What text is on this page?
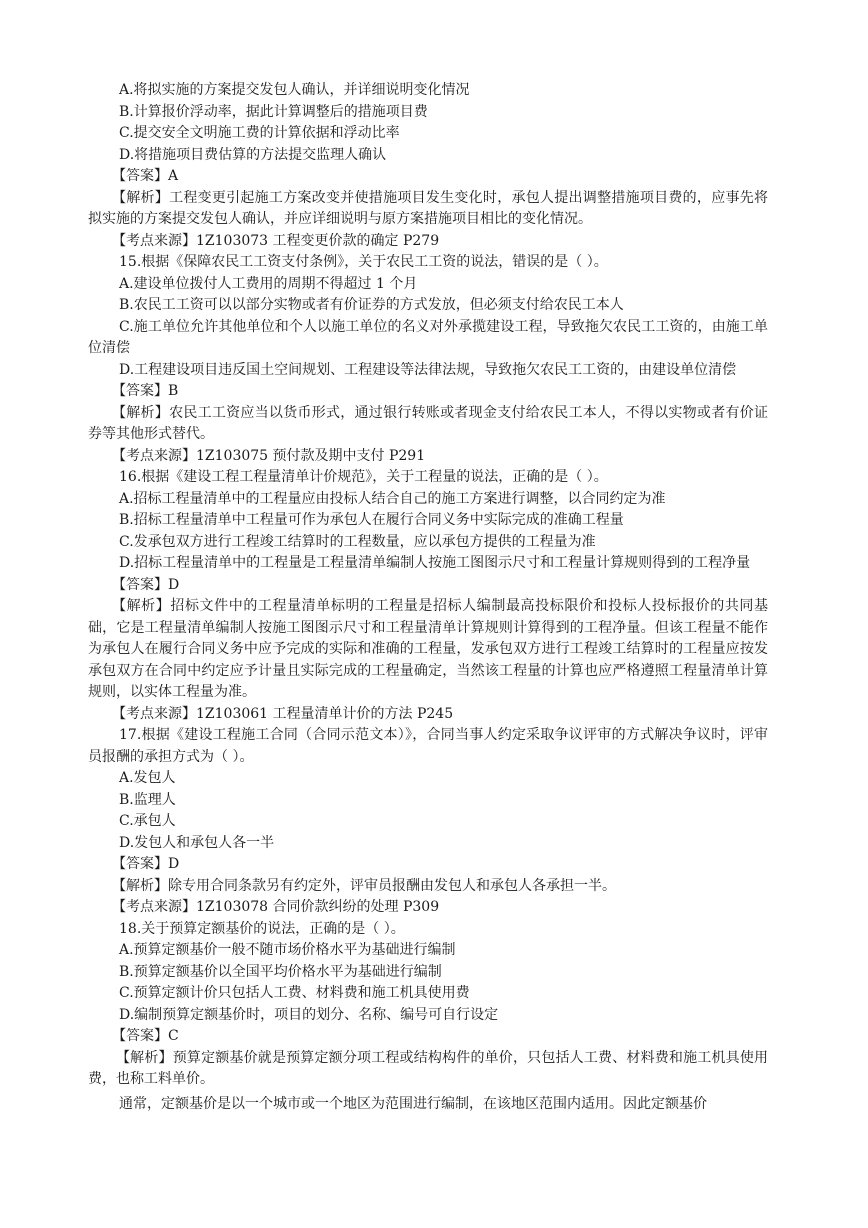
A.将拟实施的方案提交发包人确认，并详细说明变化情况
B.计算报价浮动率，据此计算调整后的措施项目费
C.提交安全文明施工费的计算依据和浮动比率
D.将措施项目费估算的方法提交监理人确认
【答案】A
【解析】工程变更引起施工方案改变并使措施项目发生变化时，承包人提出调整措施项目费的，应事先将拟实施的方案提交发包人确认，并应详细说明与原方案措施项目相比的变化情况。
【考点来源】1Z103073 工程变更价款的确定 P279
15.根据《保障农民工工资支付条例》，关于农民工工资的说法，错误的是（ ）。
A.建设单位拨付人工费用的周期不得超过 1 个月
B.农民工工资可以以部分实物或者有价证券的方式发放，但必须支付给农民工本人
C.施工单位允许其他单位和个人以施工单位的名义对外承揽建设工程，导致拖欠农民工工资的，由施工单位清偿
D.工程建设项目违反国土空间规划、工程建设等法律法规，导致拖欠农民工工资的，由建设单位清偿
【答案】B
【解析】农民工工资应当以货币形式，通过银行转账或者现金支付给农民工本人，不得以实物或者有价证券等其他形式替代。
【考点来源】1Z103075 预付款及期中支付 P291
16.根据《建设工程工程量清单计价规范》，关于工程量的说法，正确的是（ ）。
A.招标工程量清单中的工程量应由投标人结合自己的施工方案进行调整，以合同约定为准
B.招标工程量清单中工程量可作为承包人在履行合同义务中实际完成的准确工程量
C.发承包双方进行工程竣工结算时的工程数量，应以承包方提供的工程量为准
D.招标工程量清单中的工程量是工程量清单编制人按施工图图示尺寸和工程量计算规则得到的工程净量
【答案】D
【解析】招标文件中的工程量清单标明的工程量是招标人编制最高投标限价和投标人投标报价的共同基础，它是工程量清单编制人按施工图图示尺寸和工程量清单计算规则计算得到的工程净量。但该工程量不能作为承包人在履行合同义务中应予完成的实际和准确的工程量，发承包双方进行工程竣工结算时的工程量应按发承包双方在合同中约定应予计量且实际完成的工程量确定，当然该工程量的计算也应严格遵照工程量清单计算规则，以实体工程量为准。
【考点来源】1Z103061 工程量清单计价的方法 P245
17.根据《建设工程施工合同（合同示范文本）》，合同当事人约定采取争议评审的方式解决争议时，评审员报酬的承担方式为（ ）。
A.发包人
B.监理人
C.承包人
D.发包人和承包人各一半
【答案】D
【解析】除专用合同条款另有约定外，评审员报酬由发包人和承包人各承担一半。
【考点来源】1Z103078 合同价款纠纷的处理 P309
18.关于预算定额基价的说法，正确的是（ ）。
A.预算定额基价一般不随市场价格水平为基础进行编制
B.预算定额基价以全国平均价格水平为基础进行编制
C.预算定额计价只包括人工费、材料费和施工机具使用费
D.编制预算定额基价时，项目的划分、名称、编号可自行设定
【答案】C
【解析】预算定额基价就是预算定额分项工程或结构构件的单价，只包括人工费、材料费和施工机具使用费，也称工料单价。
通常，定额基价是以一个城市或一个地区为范围进行编制，在该地区范围内适用。因此定额基价
